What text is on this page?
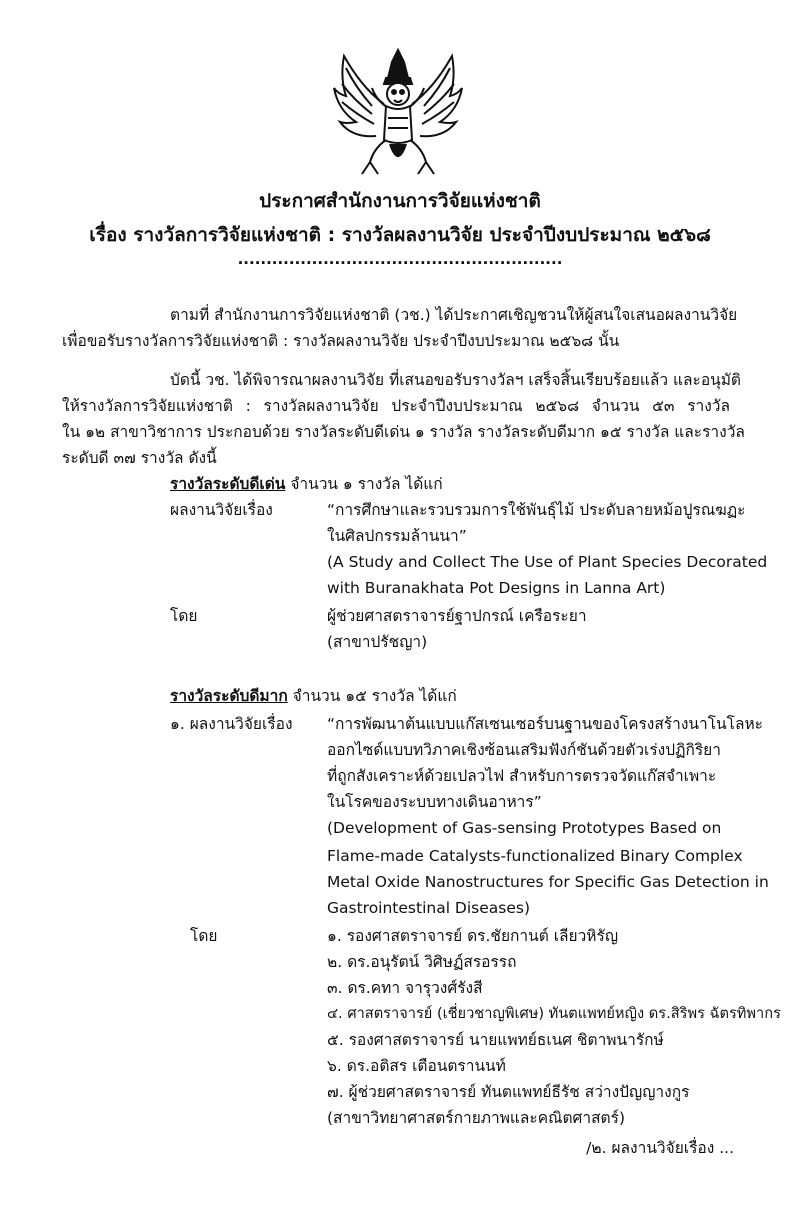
ประกาศสำนักงานการวิจัยแห่งชาติ
เรื่อง รางวัลการวิจัยแห่งชาติ : รางวัลผลงานวิจัย ประจำปีงบประมาณ ๒๕๖๘
.........................................................
ตามที่ สำนักงานการวิจัยแห่งชาติ (วช.) ได้ประกาศเชิญชวนให้ผู้สนใจเสนอผลงานวิจัย
เพื่อขอรับรางวัลการวิจัยแห่งชาติ : รางวัลผลงานวิจัย ประจำปีงบประมาณ ๒๕๖๘ นั้น
บัดนี้ วช. ได้พิจารณาผลงานวิจัย ที่เสนอขอรับรางวัลฯ เสร็จสิ้นเรียบร้อยแล้ว และอนุมัติ
ให้รางวัลการวิจัยแห่งชาติ : รางวัลผลงานวิจัย ประจำปีงบประมาณ ๒๕๖๘ จำนวน ๕๓ รางวัล
ใน ๑๒ สาขาวิชาการ ประกอบด้วย รางวัลระดับดีเด่น ๑ รางวัล รางวัลระดับดีมาก ๑๕ รางวัล และรางวัล
ระดับดี ๓๗ รางวัล ดังนี้
รางวัลระดับดีเด่น จำนวน ๑ รางวัล ได้แก่
ผลงานวิจัยเรื่อง	“การศึกษาและรวบรวมการใช้พันธุ์ไม้ ประดับลายหม้อปูรณฆฏะ
ในศิลปกรรมล้านนา”
(A Study and Collect The Use of Plant Species Decorated
with Buranakhata Pot Designs in Lanna Art)
โดย	ผู้ช่วยศาสตราจารย์ฐาปกรณ์ เครือระยา
(สาขาปรัชญา)
รางวัลระดับดีมาก จำนวน ๑๕ รางวัล ได้แก่
๑. ผลงานวิจัยเรื่อง “การพัฒนาต้นแบบแก๊สเซนเซอร์บนฐานของโครงสร้างนาโนโลหะ
ออกไซด์แบบทวิภาคเชิงซ้อนเสริมฟังก์ชันด้วยตัวเร่งปฏิกิริยา
ที่ถูกสังเคราะห์ด้วยเปลวไฟ สำหรับการตรวจวัดแก๊สจำเพาะ
ในโรคของระบบทางเดินอาหาร”
(Development of Gas-sensing Prototypes Based on
Flame-made Catalysts-functionalized Binary Complex
Metal Oxide Nanostructures for Specific Gas Detection in
Gastrointestinal Diseases)
โดย	๑. รองศาสตราจารย์ ดร.ชัยกานต์ เลียวหิรัญ
๒. ดร.อนุรัตน์ วิศิษฏ์สรอรรถ
๓. ดร.คทา จารุวงศ์รังสี
๔. ศาสตราจารย์ (เชี่ยวชาญพิเศษ) ทันตแพทย์หญิง ดร.สิริพร ฉัตรทิพากร
๕. รองศาสตราจารย์ นายแพทย์ธเนศ ชิตาพนารักษ์
๖. ดร.อติสร เตือนตรานนท์
๗. ผู้ช่วยศาสตราจารย์ ทันตแพทย์ธีรัช สว่างปัญญางกูร
(สาขาวิทยาศาสตร์กายภาพและคณิตศาสตร์)
/๒. ผลงานวิจัยเรื่อง ...
